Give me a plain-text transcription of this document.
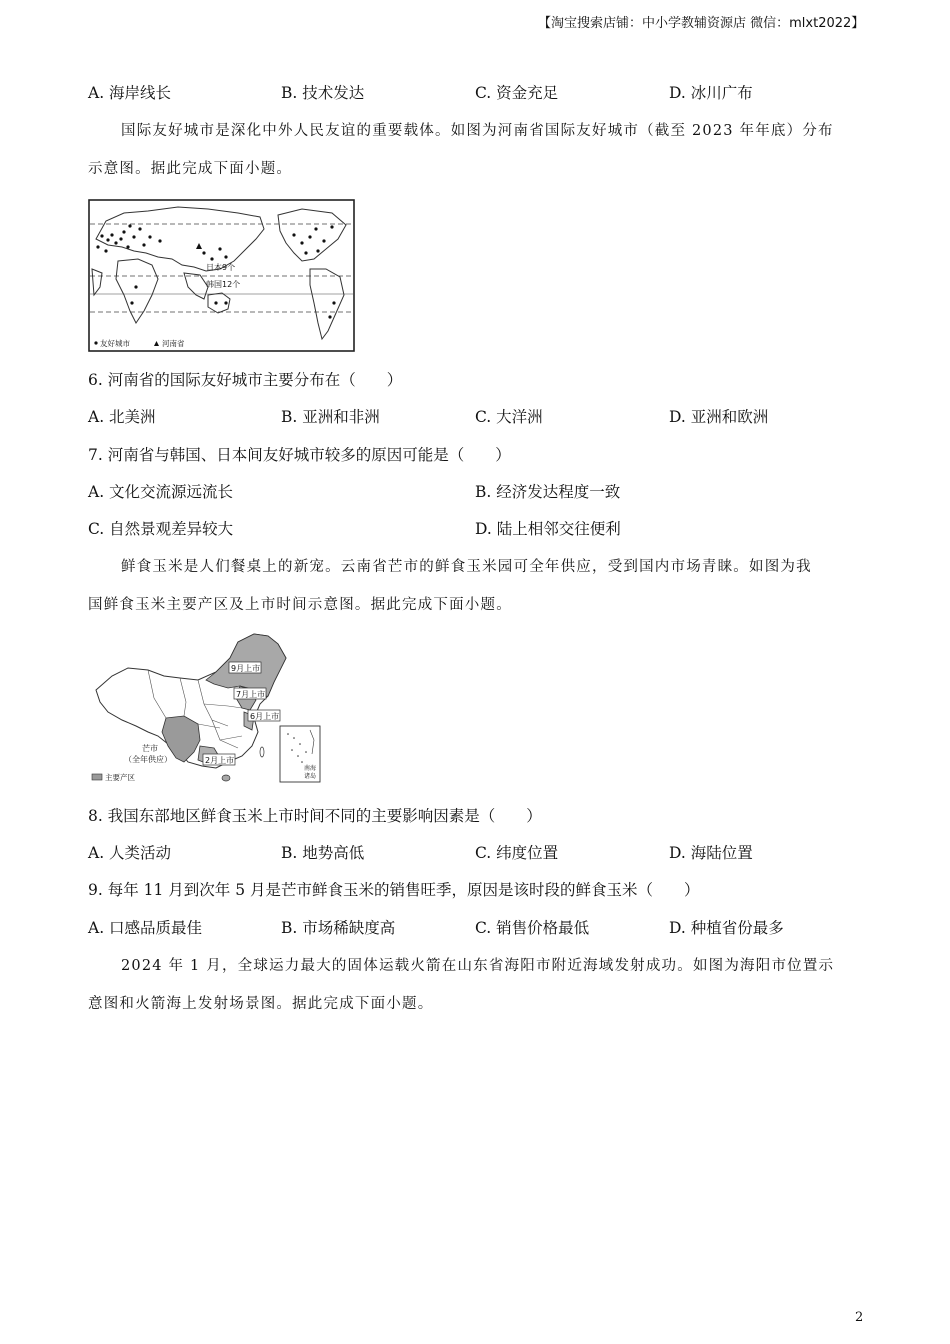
【淘宝搜索店铺：中小学教辅资源店 微信：mlxt2022】
A. 海岸线长	B. 技术发达	C. 资金充足	D. 冰川广布
国际友好城市是深化中外人民友谊的重要载体。如图为河南省国际友好城市（截至 2023 年年底）分布
示意图。据此完成下面小题。
日本9个
韩国12个
友好城市	河南省
6. 河南省的国际友好城市主要分布在（　　）
A. 北美洲	B. 亚洲和非洲	C. 大洋洲	D. 亚洲和欧洲
7. 河南省与韩国、日本间友好城市较多的原因可能是（　　）
A. 文化交流源远流长	B. 经济发达程度一致
C. 自然景观差异较大	D. 陆上相邻交往便利
鲜食玉米是人们餐桌上的新宠。云南省芒市的鲜食玉米园可全年供应，受到国内市场青睐。如图为我
国鲜食玉米主要产区及上市时间示意图。据此完成下面小题。
9月上市
7月上市
6月上市
2月上市
芒市
（全年供应）
主要产区
南海
诸岛
8. 我国东部地区鲜食玉米上市时间不同的主要影响因素是（　　）
A. 人类活动	B. 地势高低	C. 纬度位置	D. 海陆位置
9. 每年 11 月到次年 5 月是芒市鲜食玉米的销售旺季，原因是该时段的鲜食玉米（　　）
A. 口感品质最佳	B. 市场稀缺度高	C. 销售价格最低	D. 种植省份最多
2024 年 1 月，全球运力最大的固体运载火箭在山东省海阳市附近海域发射成功。如图为海阳市位置示
意图和火箭海上发射场景图。据此完成下面小题。
2
